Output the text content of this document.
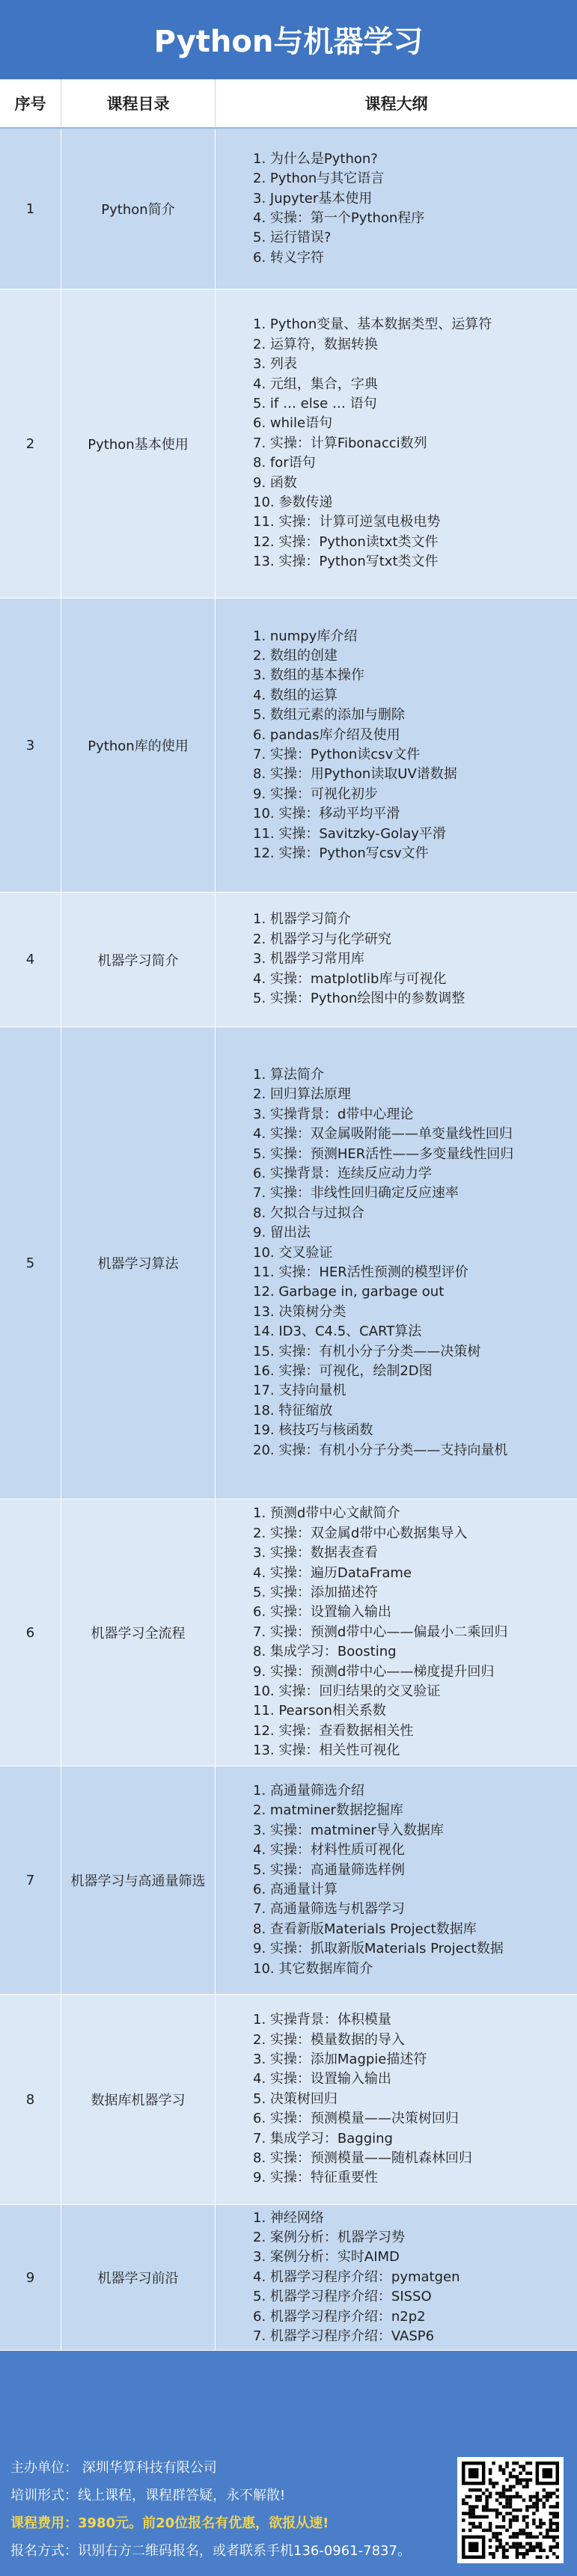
Python与机器学习
序号	课程目录	课程大纲
1	Python简介
1. 为什么是Python?
2. Python与其它语言
3. Jupyter基本使用
4. 实操：第一个Python程序
5. 运行错误?
6. 转义字符
2	Python基本使用
1. Python变量、基本数据类型、运算符
2. 运算符，数据转换
3. 列表
4. 元组，集合，字典
5. if … else … 语句
6. while语句
7. 实操：计算Fibonacci数列
8. for语句
9. 函数
10. 参数传递
11. 实操：计算可逆氢电极电势
12. 实操：Python读txt类文件
13. 实操：Python写txt类文件
3	Python库的使用
1. numpy库介绍
2. 数组的创建
3. 数组的基本操作
4. 数组的运算
5. 数组元素的添加与删除
6. pandas库介绍及使用
7. 实操：Python读csv文件
8. 实操：用Python读取UV谱数据
9. 实操：可视化初步
10. 实操：移动平均平滑
11. 实操：Savitzky-Golay平滑
12. 实操：Python写csv文件
4	机器学习简介
1. 机器学习简介
2. 机器学习与化学研究
3. 机器学习常用库
4. 实操：matplotlib库与可视化
5. 实操：Python绘图中的参数调整
5	机器学习算法
1. 算法简介
2. 回归算法原理
3. 实操背景：d带中心理论
4. 实操：双金属吸附能——单变量线性回归
5. 实操：预测HER活性——多变量线性回归
6. 实操背景：连续反应动力学
7. 实操：非线性回归确定反应速率
8. 欠拟合与过拟合
9. 留出法
10. 交叉验证
11. 实操：HER活性预测的模型评价
12. Garbage in, garbage out
13. 决策树分类
14. ID3、C4.5、CART算法
15. 实操：有机小分子分类——决策树
16. 实操：可视化，绘制2D图
17. 支持向量机
18. 特征缩放
19. 核技巧与核函数
20. 实操：有机小分子分类——支持向量机
6	机器学习全流程
1. 预测d带中心文献简介
2. 实操：双金属d带中心数据集导入
3. 实操：数据表查看
4. 实操：遍历DataFrame
5. 实操：添加描述符
6. 实操：设置输入输出
7. 实操：预测d带中心——偏最小二乘回归
8. 集成学习：Boosting
9. 实操：预测d带中心——梯度提升回归
10. 实操：回归结果的交叉验证
11. Pearson相关系数
12. 实操：查看数据相关性
13. 实操：相关性可视化
7	机器学习与高通量筛选
1. 高通量筛选介绍
2. matminer数据挖掘库
3. 实操：matminer导入数据库
4. 实操：材料性质可视化
5. 实操：高通量筛选样例
6. 高通量计算
7. 高通量筛选与机器学习
8. 查看新版Materials Project数据库
9. 实操：抓取新版Materials Project数据
10. 其它数据库简介
8	数据库机器学习
1. 实操背景：体积模量
2. 实操：模量数据的导入
3. 实操：添加Magpie描述符
4. 实操：设置输入输出
5. 决策树回归
6. 实操：预测模量——决策树回归
7. 集成学习：Bagging
8. 实操：预测模量——随机森林回归
9. 实操：特征重要性
9	机器学习前沿
1. 神经网络
2. 案例分析：机器学习势
3. 案例分析：实时AIMD
4. 机器学习程序介绍：pymatgen
5. 机器学习程序介绍：SISSO
6. 机器学习程序介绍：n2p2
7. 机器学习程序介绍：VASP6
主办单位： 深圳华算科技有限公司
培训形式：线上课程，课程群答疑，永不解散!
课程费用：3980元。前20位报名有优惠，欲报从速!
报名方式：识别右方二维码报名，或者联系手机136-0961-7837。
